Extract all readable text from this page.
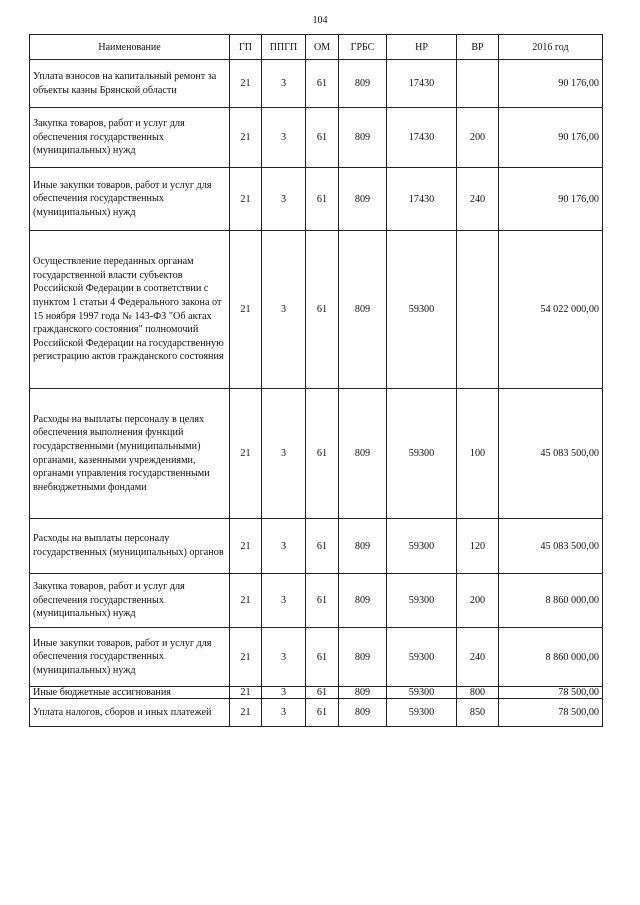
104
Наименование	ГП	ППГП	ОМ	ГРБС	НР	ВР	2016 год
Уплата взносов на капитальный ремонт за объекты казны Брянской области	21	3	61	809	17430		90 176,00
Закупка товаров, работ и услуг для обеспечения государственных (муниципальных) нужд	21	3	61	809	17430	200	90 176,00
Иные закупки товаров, работ и услуг для обеспечения государственных (муниципальных) нужд	21	3	61	809	17430	240	90 176,00
Осуществление переданных органам государственной власти субъектов Российской Федерации в соответствии с пунктом 1 статьи 4 Федерального закона от 15 ноября 1997 года № 143-ФЗ "Об актах гражданского состояния" полномочий Российской Федерации на государственную регистрацию актов гражданского состояния	21	3	61	809	59300		54 022 000,00
Расходы на выплаты персоналу в целях обеспечения выполнения функций государственными (муниципальными) органами, казенными учреждениями, органами управления государственными внебюджетными фондами	21	3	61	809	59300	100	45 083 500,00
Расходы на выплаты персоналу государственных (муниципальных) органов	21	3	61	809	59300	120	45 083 500,00
Закупка товаров, работ и услуг для обеспечения государственных (муниципальных) нужд	21	3	61	809	59300	200	8 860 000,00
Иные закупки товаров, работ и услуг для обеспечения государственных (муниципальных) нужд	21	3	61	809	59300	240	8 860 000,00
Иные бюджетные ассигнования	21	3	61	809	59300	800	78 500,00
Уплата налогов, сборов и иных платежей	21	3	61	809	59300	850	78 500,00
